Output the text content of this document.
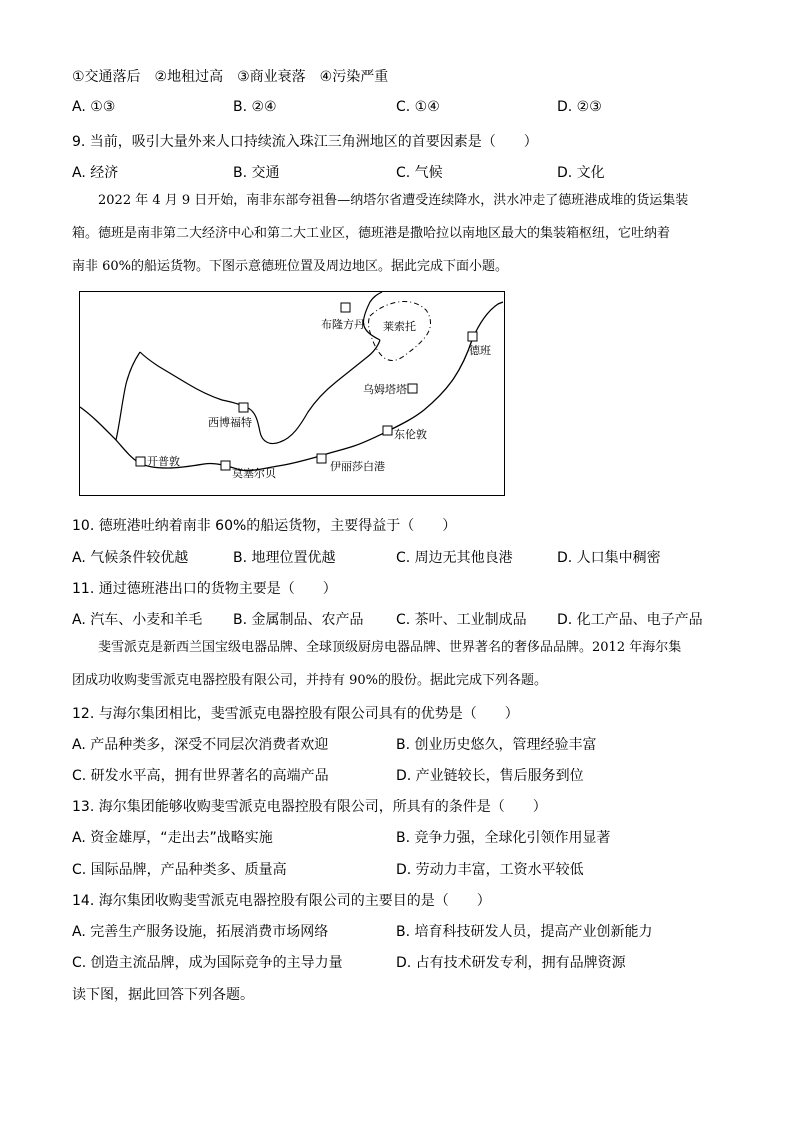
①交通落后　②地租过高　③商业衰落　④污染严重
A. ①③	B. ②④	C. ①④	D. ②③
9. 当前，吸引大量外来人口持续流入珠江三角洲地区的首要因素是（　　）
A. 经济	B. 交通	C. 气候	D. 文化
2022 年 4 月 9 日开始，南非东部夸祖鲁—纳塔尔省遭受连续降水，洪水冲走了德班港成堆的货运集装
箱。德班是南非第二大经济中心和第二大工业区，德班港是撒哈拉以南地区最大的集装箱枢纽，它吐纳着
南非 60%的船运货物。下图示意德班位置及周边地区。据此完成下面小题。
布隆方丹 莱索托
德班
乌姆塔塔
西博福特
东伦敦
开普敦
莫塞尔贝
伊丽莎白港
10. 德班港吐纳着南非 60%的船运货物，主要得益于（　　）
A. 气候条件较优越	B. 地理位置优越	C. 周边无其他良港	D. 人口集中稠密
11. 通过德班港出口的货物主要是（　　）
A. 汽车、小麦和羊毛 B. 金属制品、农产品 C. 茶叶、工业制成品 D. 化工产品、电子产品
斐雪派克是新西兰国宝级电器品牌、全球顶级厨房电器品牌、世界著名的奢侈品品牌。2012 年海尔集
团成功收购斐雪派克电器控股有限公司，并持有 90%的股份。据此完成下列各题。
12. 与海尔集团相比，斐雪派克电器控股有限公司具有的优势是（　　）
A. 产品种类多，深受不同层次消费者欢迎	B. 创业历史悠久，管理经验丰富
C. 研发水平高，拥有世界著名的高端产品	D. 产业链较长，售后服务到位
13. 海尔集团能够收购斐雪派克电器控股有限公司，所具有的条件是（　　）
A. 资金雄厚，“走出去”战略实施	B. 竞争力强，全球化引领作用显著
C. 国际品牌，产品种类多、质量高	D. 劳动力丰富，工资水平较低
14. 海尔集团收购斐雪派克电器控股有限公司的主要目的是（　　）
A. 完善生产服务设施，拓展消费市场网络	B. 培育科技研发人员，提高产业创新能力
C. 创造主流品牌，成为国际竞争的主导力量	D. 占有技术研发专利，拥有品牌资源
读下图，据此回答下列各题。
